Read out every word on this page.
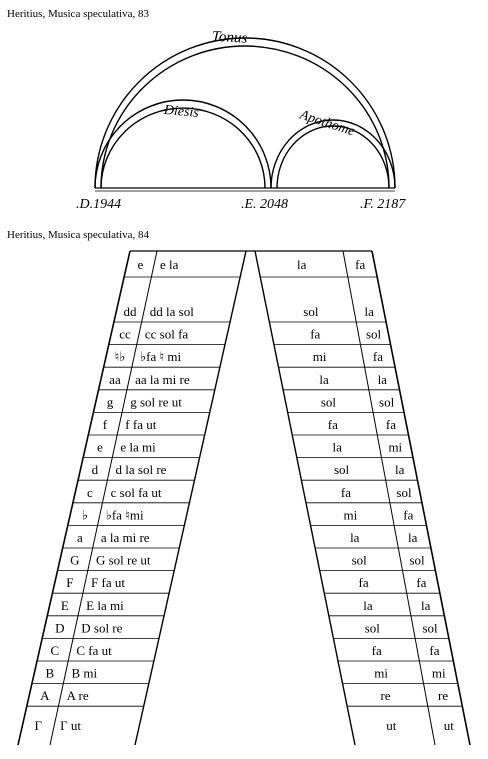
Heritius, Musica speculativa, 83
Tonus
Diesis	Apothome
.D.1944	.E. 2048	.F. 2187
Heritius, Musica speculativa, 84
e e la	la	fa
dd dd la sol	sol	la
cc cc sol fa	fa	sol
♮♭ ♭fa ♮ mi	mi	fa
aa aa la mi re	la	la
g g sol re ut	sol	sol
f f fa ut	fa	fa
e e la mi	la	mi
d d la sol re	sol	la
c c sol fa ut	fa	sol
♭ ♭fa ♮mi	mi	fa
a a la mi re	la	la
G G sol re ut	sol	sol
F F fa ut	fa	fa
E E la mi	la	la
D D sol re	sol	sol
C C fa ut	fa	fa
B B mi	mi	mi
A A re	re	re
Γ Γ ut	ut	ut
